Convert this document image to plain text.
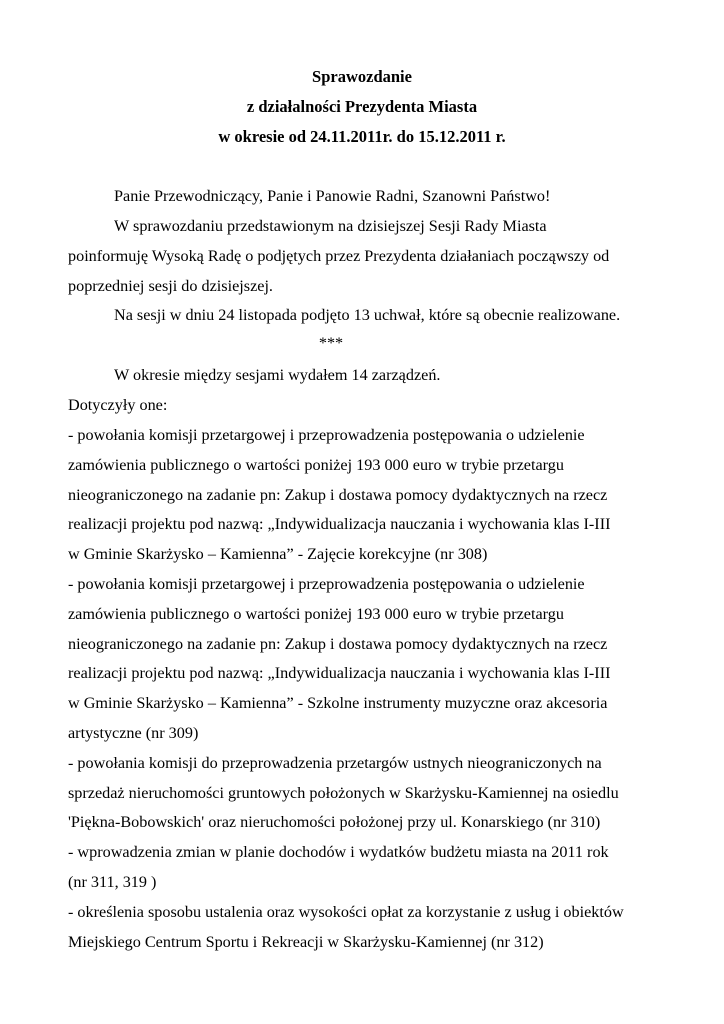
Sprawozdanie
z działalności Prezydenta Miasta
w okresie od 24.11.2011r. do 15.12.2011 r.
Panie Przewodniczący, Panie i Panowie Radni, Szanowni Państwo!
W sprawozdaniu przedstawionym na dzisiejszej Sesji Rady Miasta
poinformuję Wysoką Radę o podjętych przez Prezydenta działaniach począwszy od
poprzedniej sesji do dzisiejszej.
Na sesji w dniu 24 listopada podjęto 13 uchwał, które są obecnie realizowane.
***
W okresie między sesjami wydałem 14 zarządzeń.
Dotyczyły one:
- powołania komisji przetargowej i przeprowadzenia postępowania o udzielenie
zamówienia publicznego o wartości poniżej 193 000 euro w trybie przetargu
nieograniczonego na zadanie pn: Zakup i dostawa pomocy dydaktycznych na rzecz
realizacji projektu pod nazwą: „Indywidualizacja nauczania i wychowania klas I-III
w Gminie Skarżysko – Kamienna” - Zajęcie korekcyjne (nr 308)
- powołania komisji przetargowej i przeprowadzenia postępowania o udzielenie
zamówienia publicznego o wartości poniżej 193 000 euro w trybie przetargu
nieograniczonego na zadanie pn: Zakup i dostawa pomocy dydaktycznych na rzecz
realizacji projektu pod nazwą: „Indywidualizacja nauczania i wychowania klas I-III
w Gminie Skarżysko – Kamienna” - Szkolne instrumenty muzyczne oraz akcesoria
artystyczne (nr 309)
- powołania komisji do przeprowadzenia przetargów ustnych nieograniczonych na
sprzedaż nieruchomości gruntowych położonych w Skarżysku-Kamiennej na osiedlu
'Piękna-Bobowskich' oraz nieruchomości położonej przy ul. Konarskiego (nr 310)
- wprowadzenia zmian w planie dochodów i wydatków budżetu miasta na 2011 rok
(nr 311, 319 )
- określenia sposobu ustalenia oraz wysokości opłat za korzystanie z usług i obiektów
Miejskiego Centrum Sportu i Rekreacji w Skarżysku-Kamiennej (nr 312)
